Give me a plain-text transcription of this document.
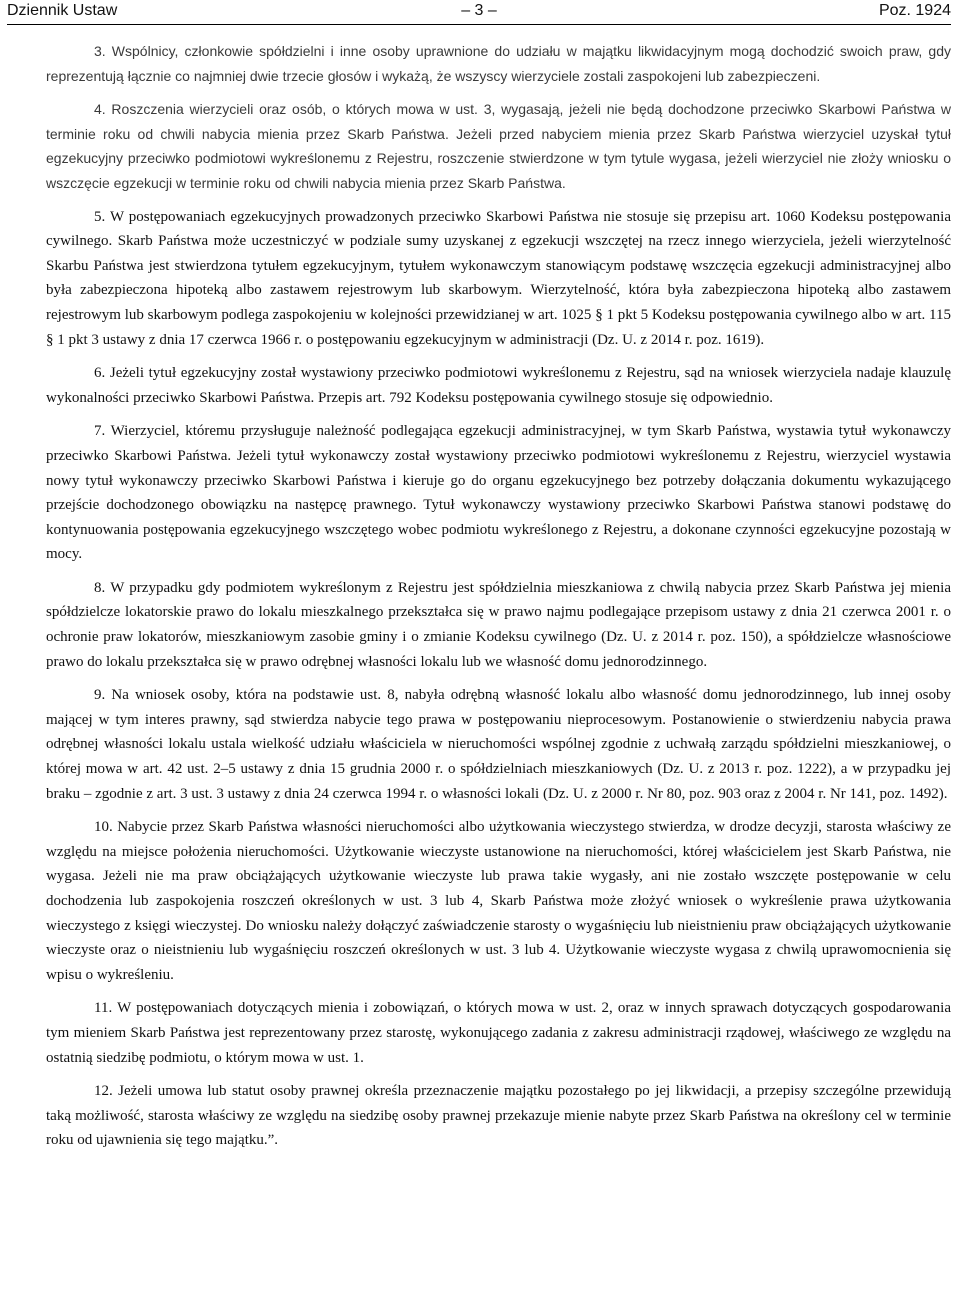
Dziennik Ustaw	– 3 –	Poz. 1924

3. Wspólnicy, członkowie spółdzielni i inne osoby uprawnione do udziału w majątku likwidacyjnym mogą dochodzić swoich praw, gdy reprezentują łącznie co najmniej dwie trzecie głosów i wykażą, że wszyscy wierzyciele zostali zaspokojeni lub zabezpieczeni.

4. Roszczenia wierzycieli oraz osób, o których mowa w ust. 3, wygasają, jeżeli nie będą dochodzone przeciwko Skarbowi Państwa w terminie roku od chwili nabycia mienia przez Skarb Państwa. Jeżeli przed nabyciem mienia przez Skarb Państwa wierzyciel uzyskał tytuł egzekucyjny przeciwko podmiotowi wykreślonemu z Rejestru, roszczenie stwierdzone w tym tytule wygasa, jeżeli wierzyciel nie złoży wniosku o wszczęcie egzekucji w terminie roku od chwili nabycia mienia przez Skarb Państwa.

5. W postępowaniach egzekucyjnych prowadzonych przeciwko Skarbowi Państwa nie stosuje się przepisu art. 1060 Kodeksu postępowania cywilnego. Skarb Państwa może uczestniczyć w podziale sumy uzyskanej z egzekucji wszczętej na rzecz innego wierzyciela, jeżeli wierzytelność Skarbu Państwa jest stwierdzona tytułem egzekucyjnym, tytułem wykonawczym stanowiącym podstawę wszczęcia egzekucji administracyjnej albo była zabezpieczona hipoteką albo zastawem rejestrowym lub skarbowym. Wierzytelność, która była zabezpieczona hipoteką albo zastawem rejestrowym lub skarbowym podlega zaspokojeniu w kolejności przewidzianej w art. 1025 § 1 pkt 5 Kodeksu postępowania cywilnego albo w art. 115 § 1 pkt 3 ustawy z dnia 17 czerwca 1966 r. o postępowaniu egzekucyjnym w administracji (Dz. U. z 2014 r. poz. 1619).

6. Jeżeli tytuł egzekucyjny został wystawiony przeciwko podmiotowi wykreślonemu z Rejestru, sąd na wniosek wierzyciela nadaje klauzulę wykonalności przeciwko Skarbowi Państwa. Przepis art. 792 Kodeksu postępowania cywilnego stosuje się odpowiednio.

7. Wierzyciel, któremu przysługuje należność podlegająca egzekucji administracyjnej, w tym Skarb Państwa, wystawia tytuł wykonawczy przeciwko Skarbowi Państwa. Jeżeli tytuł wykonawczy został wystawiony przeciwko podmiotowi wykreślonemu z Rejestru, wierzyciel wystawia nowy tytuł wykonawczy przeciwko Skarbowi Państwa i kieruje go do organu egzekucyjnego bez potrzeby dołączania dokumentu wykazującego przejście dochodzonego obowiązku na następcę prawnego. Tytuł wykonawczy wystawiony przeciwko Skarbowi Państwa stanowi podstawę do kontynuowania postępowania egzekucyjnego wszczętego wobec podmiotu wykreślonego z Rejestru, a dokonane czynności egzekucyjne pozostają w mocy.

8. W przypadku gdy podmiotem wykreślonym z Rejestru jest spółdzielnia mieszkaniowa z chwilą nabycia przez Skarb Państwa jej mienia spółdzielcze lokatorskie prawo do lokalu mieszkalnego przekształca się w prawo najmu podlegające przepisom ustawy z dnia 21 czerwca 2001 r. o ochronie praw lokatorów, mieszkaniowym zasobie gminy i o zmianie Kodeksu cywilnego (Dz. U. z 2014 r. poz. 150), a spółdzielcze własnościowe prawo do lokalu przekształca się w prawo odrębnej własności lokalu lub we własność domu jednorodzinnego.

9. Na wniosek osoby, która na podstawie ust. 8, nabyła odrębną własność lokalu albo własność domu jednorodzinnego, lub innej osoby mającej w tym interes prawny, sąd stwierdza nabycie tego prawa w postępowaniu nieprocesowym. Postanowienie o stwierdzeniu nabycia prawa odrębnej własności lokalu ustala wielkość udziału właściciela w nieruchomości wspólnej zgodnie z uchwałą zarządu spółdzielni mieszkaniowej, o której mowa w art. 42 ust. 2–5 ustawy z dnia 15 grudnia 2000 r. o spółdzielniach mieszkaniowych (Dz. U. z 2013 r. poz. 1222), a w przypadku jej braku – zgodnie z art. 3 ust. 3 ustawy z dnia 24 czerwca 1994 r. o własności lokali (Dz. U. z 2000 r. Nr 80, poz. 903 oraz z 2004 r. Nr 141, poz. 1492).

10. Nabycie przez Skarb Państwa własności nieruchomości albo użytkowania wieczystego stwierdza, w drodze decyzji, starosta właściwy ze względu na miejsce położenia nieruchomości. Użytkowanie wieczyste ustanowione na nieruchomości, której właścicielem jest Skarb Państwa, nie wygasa. Jeżeli nie ma praw obciążających użytkowanie wieczyste lub prawa takie wygasły, ani nie zostało wszczęte postępowanie w celu dochodzenia lub zaspokojenia roszczeń określonych w ust. 3 lub 4, Skarb Państwa może złożyć wniosek o wykreślenie prawa użytkowania wieczystego z księgi wieczystej. Do wniosku należy dołączyć zaświadczenie starosty o wygaśnięciu lub nieistnieniu praw obciążających użytkowanie wieczyste oraz o nieistnieniu lub wygaśnięciu roszczeń określonych w ust. 3 lub 4. Użytkowanie wieczyste wygasa z chwilą uprawomocnienia się wpisu o wykreśleniu.

11. W postępowaniach dotyczących mienia i zobowiązań, o których mowa w ust. 2, oraz w innych sprawach dotyczących gospodarowania tym mieniem Skarb Państwa jest reprezentowany przez starostę, wykonującego zadania z zakresu administracji rządowej, właściwego ze względu na ostatnią siedzibę podmiotu, o którym mowa w ust. 1.

12. Jeżeli umowa lub statut osoby prawnej określa przeznaczenie majątku pozostałego po jej likwidacji, a przepisy szczególne przewidują taką możliwość, starosta właściwy ze względu na siedzibę osoby prawnej przekazuje mienie nabyte przez Skarb Państwa na określony cel w terminie roku od ujawnienia się tego majątku.”.
